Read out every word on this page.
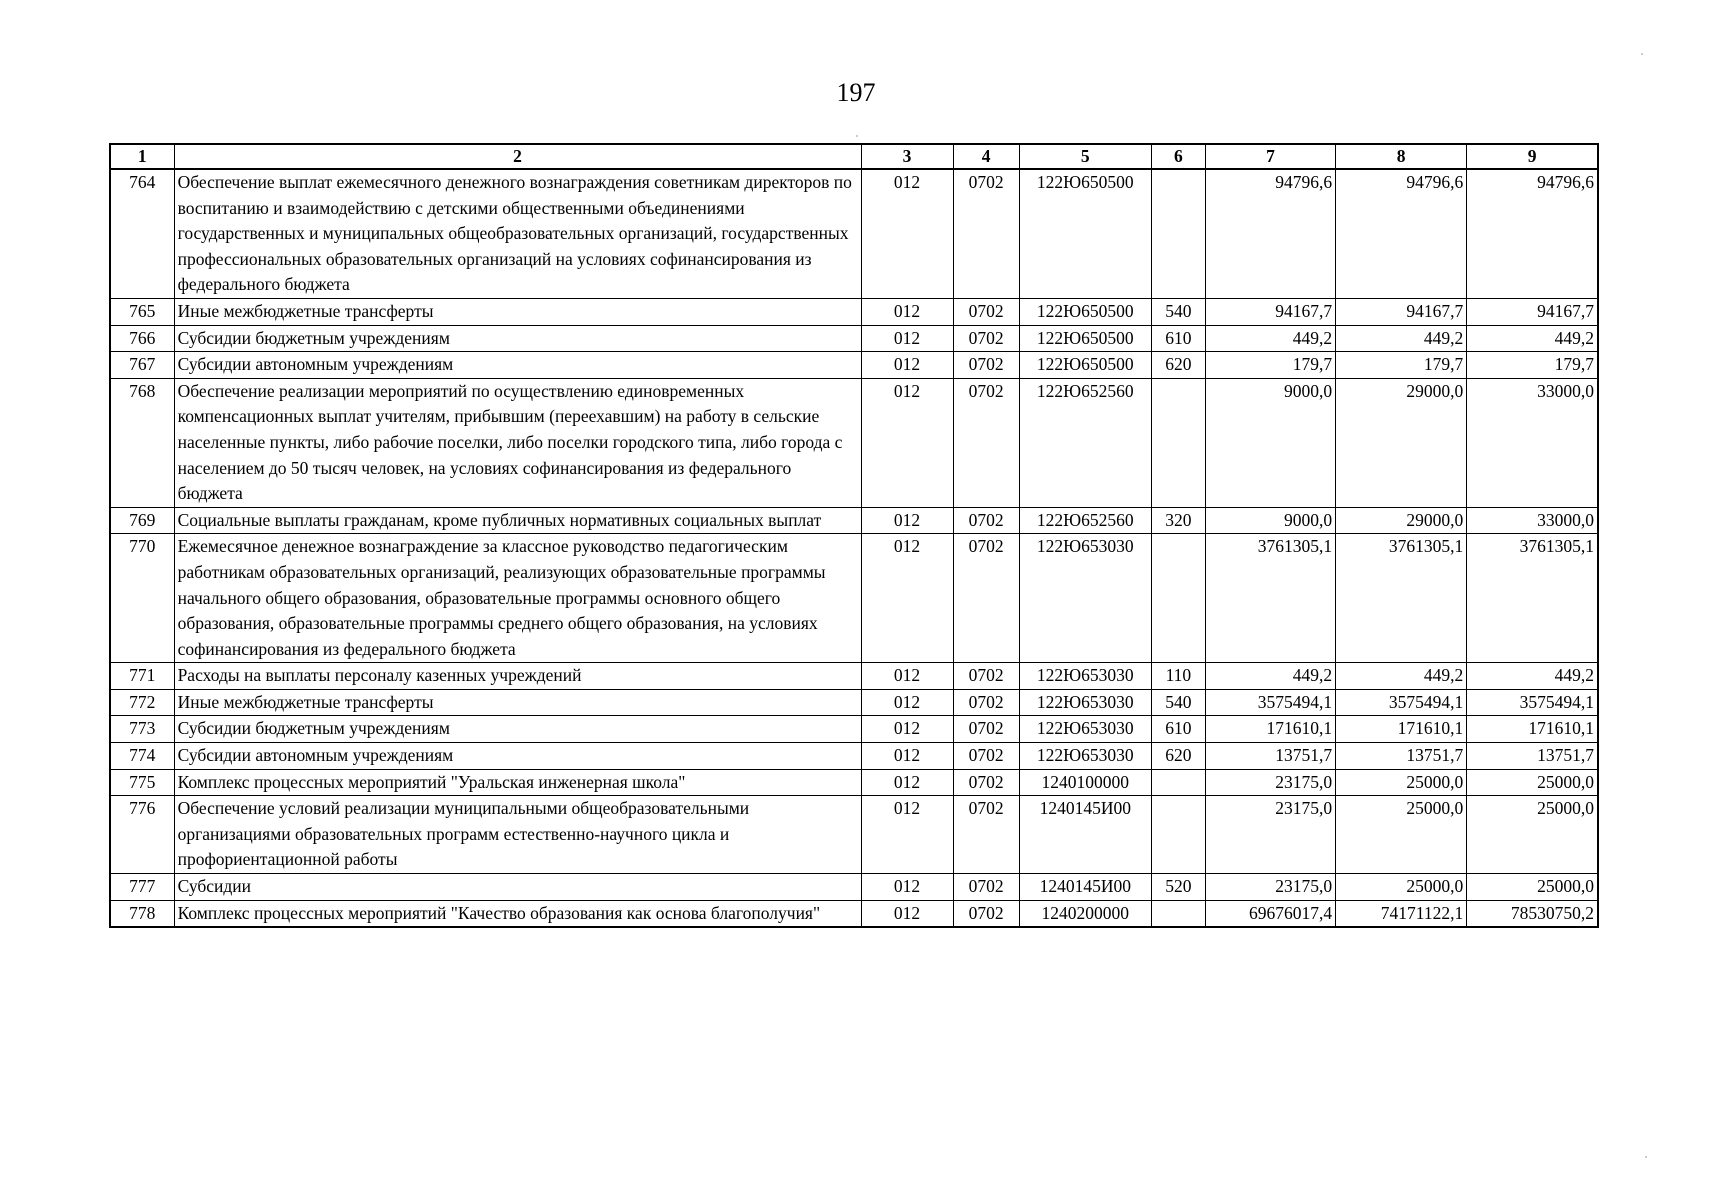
197
1	2	3	4	5	6	7	8	9
764	Обеспечение выплат ежемесячного денежного вознаграждения советникам директоров по воспитанию и взаимодействию с детскими общественными объединениями государственных и муниципальных общеобразовательных организаций, государственных профессиональных образовательных организаций на условиях софинансирования из федерального бюджета	012	0702	122Ю650500		94796,6	94796,6	94796,6
765	Иные межбюджетные трансферты	012	0702	122Ю650500	540	94167,7	94167,7	94167,7
766	Субсидии бюджетным учреждениям	012	0702	122Ю650500	610	449,2	449,2	449,2
767	Субсидии автономным учреждениям	012	0702	122Ю650500	620	179,7	179,7	179,7
768	Обеспечение реализации мероприятий по осуществлению единовременных компенсационных выплат учителям, прибывшим (переехавшим) на работу в сельские населенные пункты, либо рабочие поселки, либо поселки городского типа, либо города с населением до 50 тысяч человек, на условиях софинансирования из федерального бюджета	012	0702	122Ю652560		9000,0	29000,0	33000,0
769	Социальные выплаты гражданам, кроме публичных нормативных социальных выплат	012	0702	122Ю652560	320	9000,0	29000,0	33000,0
770	Ежемесячное денежное вознаграждение за классное руководство педагогическим работникам образовательных организаций, реализующих образовательные программы начального общего образования, образовательные программы основного общего образования, образовательные программы среднего общего образования, на условиях софинансирования из федерального бюджета	012	0702	122Ю653030		3761305,1	3761305,1	3761305,1
771	Расходы на выплаты персоналу казенных учреждений	012	0702	122Ю653030	110	449,2	449,2	449,2
772	Иные межбюджетные трансферты	012	0702	122Ю653030	540	3575494,1	3575494,1	3575494,1
773	Субсидии бюджетным учреждениям	012	0702	122Ю653030	610	171610,1	171610,1	171610,1
774	Субсидии автономным учреждениям	012	0702	122Ю653030	620	13751,7	13751,7	13751,7
775	Комплекс процессных мероприятий "Уральская инженерная школа"	012	0702	1240100000		23175,0	25000,0	25000,0
776	Обеспечение условий реализации муниципальными общеобразовательными организациями образовательных программ естественно-научного цикла и профориентационной работы	012	0702	1240145И00		23175,0	25000,0	25000,0
777	Субсидии	012	0702	1240145И00	520	23175,0	25000,0	25000,0
778	Комплекс процессных мероприятий "Качество образования как основа благополучия"	012	0702	1240200000		69676017,4	74171122,1	78530750,2
